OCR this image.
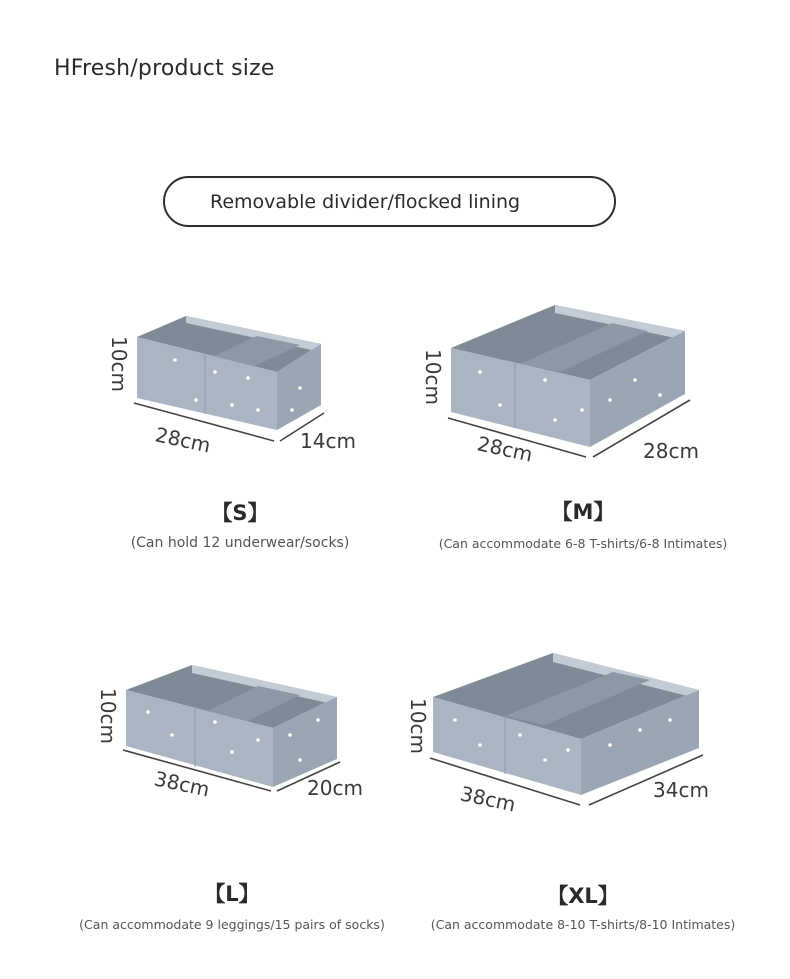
HFresh/product size
Removable divider/flocked lining
10cm
28cm	14cm
10cm
28cm	28cm
10cm
38cm	20cm
10cm
38cm	34cm
【S】
(Can hold 12 underwear/socks)
【M】
(Can accommodate 6-8 T-shirts/6-8 Intimates)
【L】
(Can accommodate 9 leggings/15 pairs of socks)
【XL】
(Can accommodate 8-10 T-shirts/8-10 Intimates)
